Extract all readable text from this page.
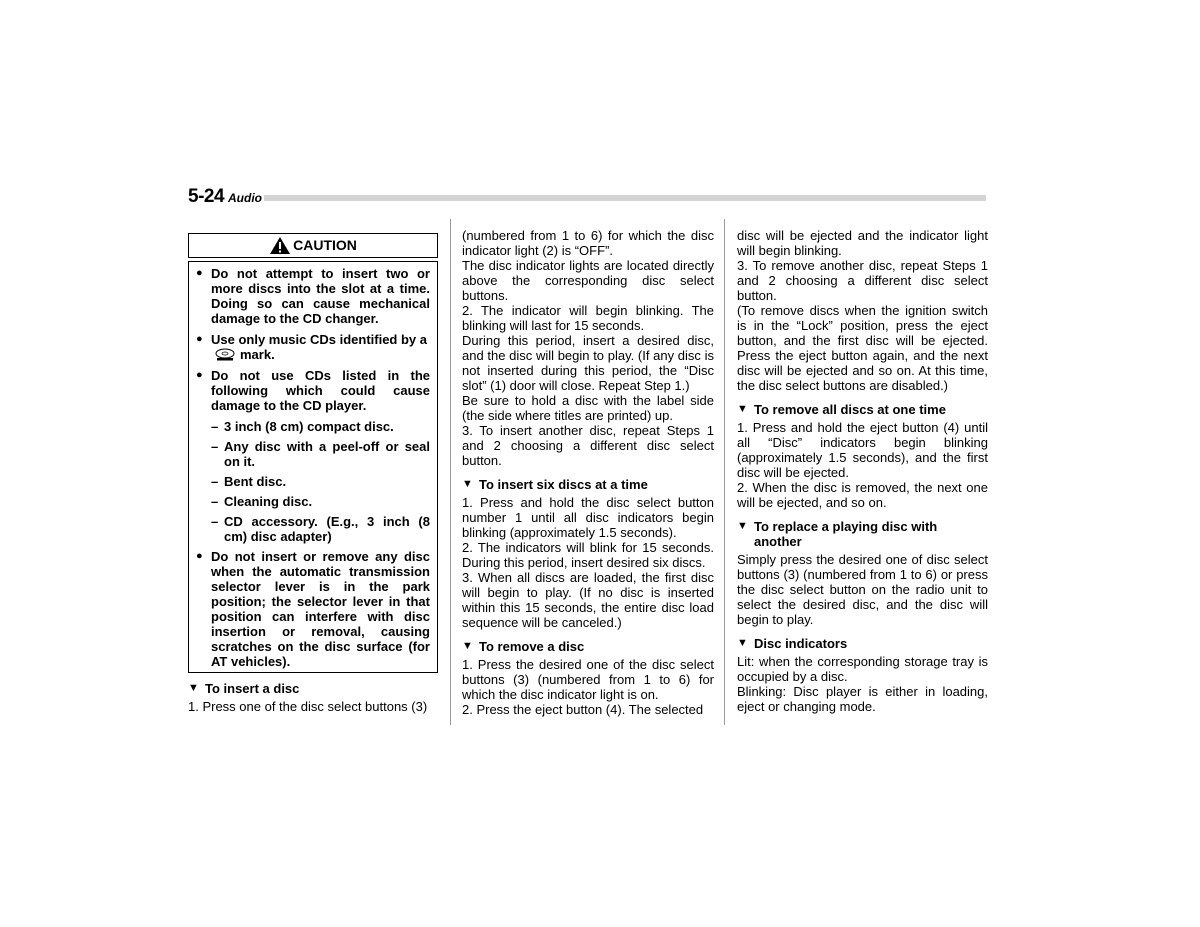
5-24 Audio
CAUTION
● Do not attempt to insert two or more discs into the slot at a time. Doing so can cause mechanical damage to the CD changer.
● Use only music CDs identified by amark.
● Do not use CDs listed in the following which could cause damage to the CD player.
– 3 inch (8 cm) compact disc.
– Any disc with a peel-off or seal on it.
– Bent disc.
– Cleaning disc.
– CD accessory. (E.g., 3 inch (8 cm) disc adapter)
● Do not insert or remove any disc when the automatic transmission selector lever is in the park position; the selector lever in that position can interfere with disc insertion or removal, causing scratches on the disc surface (for AT vehicles).

▼ To insert a disc

1. Press one of the disc select buttons (3)

(numbered from 1 to 6) for which the disc indicator light (2) is “OFF”.

The disc indicator lights are located directly above the corresponding disc select buttons.

2. The indicator will begin blinking. The blinking will last for 15 seconds.

During this period, insert a desired disc, and the disc will begin to play. (If any disc is not inserted during this period, the “Disc slot” (1) door will close. Repeat Step 1.)

Be sure to hold a disc with the label side (the side where titles are printed) up.

3. To insert another disc, repeat Steps 1 and 2 choosing a different disc select button.

▼ To insert six discs at a time

1. Press and hold the disc select button number 1 until all disc indicators begin blinking (approximately 1.5 seconds).

2. The indicators will blink for 15 seconds. During this period, insert desired six discs.

3. When all discs are loaded, the first disc will begin to play. (If no disc is inserted within this 15 seconds, the entire disc load sequence will be canceled.)

▼ To remove a disc

1. Press the desired one of the disc select buttons (3) (numbered from 1 to 6) for which the disc indicator light is on.

2. Press the eject button (4). The selected

disc will be ejected and the indicator light will begin blinking.

3. To remove another disc, repeat Steps 1 and 2 choosing a different disc select button.

(To remove discs when the ignition switch is in the “Lock” position, press the eject button, and the first disc will be ejected. Press the eject button again, and the next disc will be ejected and so on. At this time, the disc select buttons are disabled.)

▼ To remove all discs at one time

1. Press and hold the eject button (4) until all “Disc” indicators begin blinking (approximately 1.5 seconds), and the first disc will be ejected.

2. When the disc is removed, the next one will be ejected, and so on.

▼ To replace a playing disc with another

Simply press the desired one of disc select buttons (3) (numbered from 1 to 6) or press the disc select button on the radio unit to select the desired disc, and the disc will begin to play.

▼ Disc indicators

Lit: when the corresponding storage tray is occupied by a disc.

Blinking: Disc player is either in loading, eject or changing mode.
